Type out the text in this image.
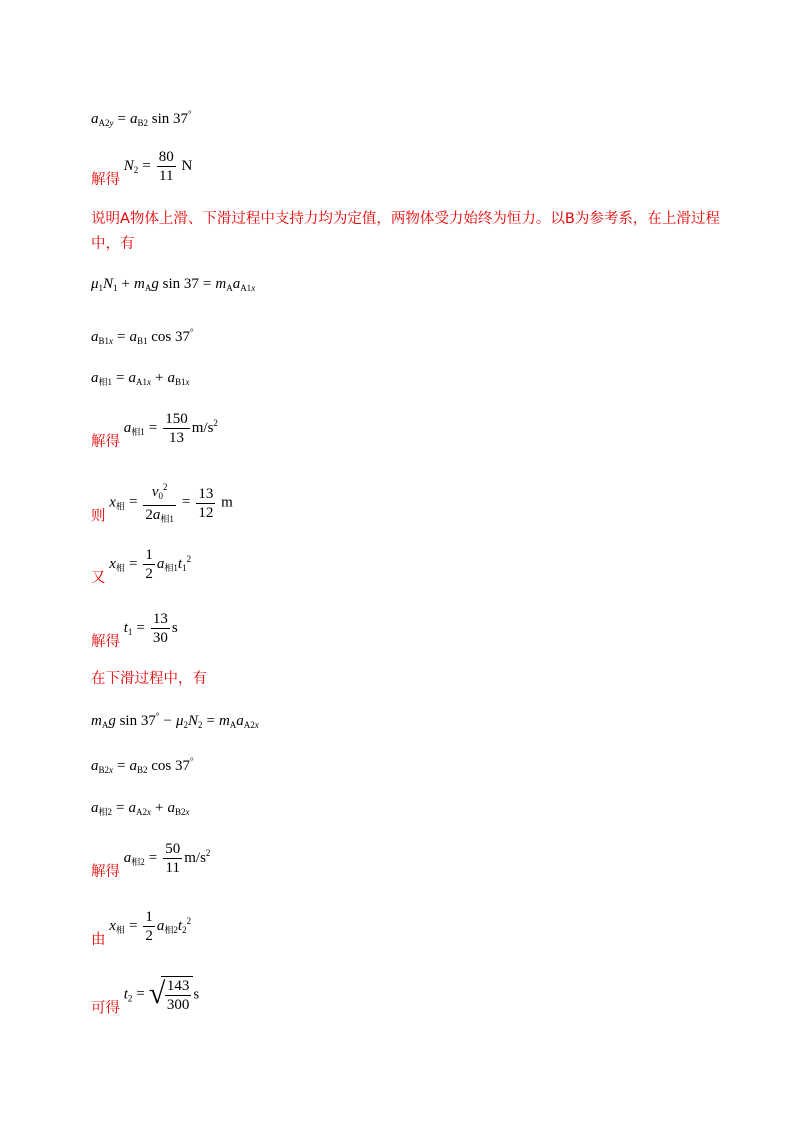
$a_{A2y} = a_{B2}$ sin 37°
解得 $N_2 = \frac{80}{11}$ N
说明A物体上滑、下滑过程中支持力均为定值，两物体受力始终为恒力。以B为参考系，在上滑过程中，有
$\mu_1N_1 + m_Ag$ $\sin 37 = m_Aa_{A1x}$
$a_{B1x} = a_{B1}$ cos 37°
$a_{相1} = a_{A1x} + a_{B1x}$
解得 $a_{相1} = \frac{150}{13} m/s^2$
则 $x_相 = \frac{v_0^2}{2a_{相1}} = \frac{13}{12}$ m
又 $x_相 = \frac{1}{2} a_{相1}t_1^2$
解得 $t_1 = \frac{13}{30}$ s
在下滑过程中，有
$m_Ag$ $\sin 37^\circ - \mu_2N_2 = m_Aa_{A2x}$
$a_{B2x} = a_{B2}$ cos 37°
$a_{相2} = a_{A2x} + a_{B2x}$
解得 $a_{相2} = \frac{50}{11} m/s^2$
由 $x_相 = \frac{1}{2} a_{相2}t_2^2$
可得 $t_2$ = √ $\frac{143}{300}$ s
